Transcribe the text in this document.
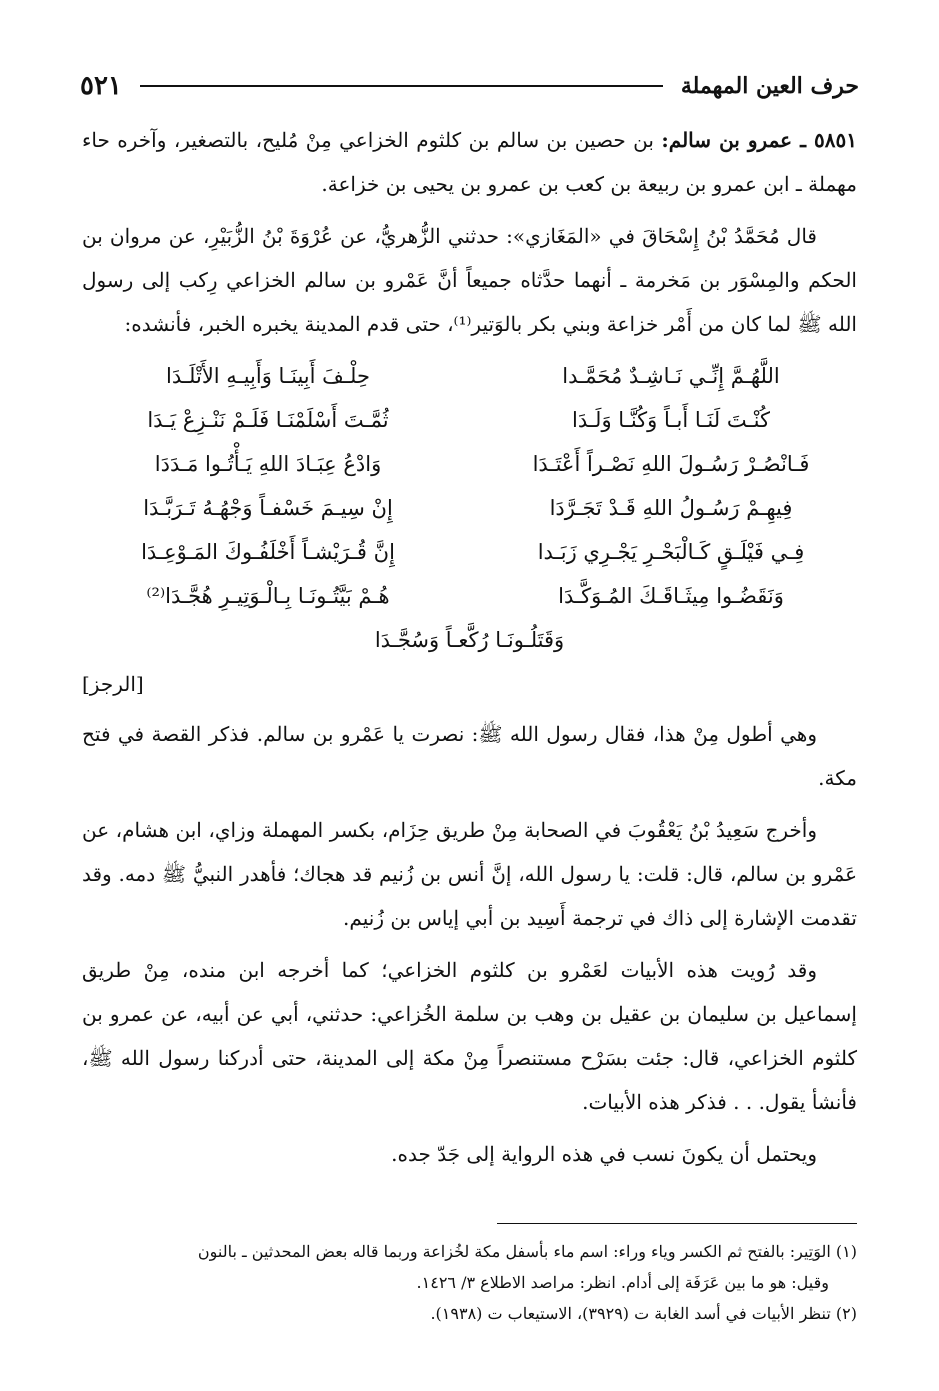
حرف العين المهملة
٥٢١

٥٨٥١ ـ عمرو بن سالم: بن حصين بن سالم بن كلثوم الخزاعي مِنْ مُليح، بالتصغير، وآخره حاء مهملة ـ ابن عمرو بن ربيعة بن كعب بن عمرو بن يحيى بن خزاعة.

قال مُحَمَّدُ بْنُ إِسْحَاقَ في «المَغَازي»: حدثني الزُّهريُّ، عن عُرْوَةَ بْنُ الزُّبَيْرِ، عن مروان بن الحكم والمِسْوَر بن مَخرمة ـ أنهما حدَّثاه جميعاً أنَّ عَمْرو بن سالم الخزاعي رِكب إلى رسول الله ﷺ لما كان من أَمْر خزاعة وبني بكر بالوَتير⁽¹⁾، حتى قدم المدينة يخبره الخبر، فأنشده:

اللَّهُـمَّ إِنِّـي نَـاشِـدٌ مُحَمَّـدا
حِلْـفَ أَبِينَـا وَأَبِيـهِ الأَتْلَـدَا
كُنْـتَ لَنَـا أَبـاً وَكُنَّـا وَلَـدَا
ثُمَّـتَ أَسْلَمْنَـا فَلَـمْ نَنْـزِعْ يَـدَا
فَـانْصُـرْ رَسُـولَ اللهِ نَصْـراً أَعْتَـدَا
وَادْعُ عِبَـادَ اللهِ يَـأْتُـوا مَـدَدَا
فِيهِـمْ رَسُـولُ اللهِ قَـدْ تَجَـرَّدَا
إِنْ سِيـمَ خَسْفـاً وَجْهُـهُ تَـرَبَّـدَا
فِـي فَيْلَـقٍ كَـالْبَحْـرِ يَجْـرِي زَبَـدا
إِنَّ قُـرَيْشـاً أَخْلَفُـوكَ المَـوْعِـدَا
وَنَقَضُـوا مِيثَـاقَـكَ المُـوَكَّـدَا
هُـمْ بَيَّتُـونَـا بِـالْـوَتِيـرِ هُجَّـدَا⁽²⁾
وَقَتَلُـونَـا رُكَّعـاً وَسُجَّـدَا
[الرجز]

وهي أطول مِنْ هذا، فقال رسول الله ﷺ: نصرت يا عَمْرو بن سالم. فذكر القصة في فتح مكة.

وأخرج سَعِيدُ بْنُ يَعْقُوبَ في الصحابة مِنْ طريق حِزَام، بكسر المهملة وزاي، ابن هشام، عن عَمْرو بن سالم، قال: قلت: يا رسول الله، إنَّ أنس بن زُنيم قد هجاك؛ فأهدر النبيُّ ﷺ دمه. وقد تقدمت الإشارة إلى ذاك في ترجمة أَسِيد بن أبي إياس بن زُنيم.

وقد رُويت هذه الأبيات لعَمْرو بن كلثوم الخزاعي؛ كما أخرجه ابن منده، مِنْ طريق إسماعيل بن سليمان بن عقيل بن وهب بن سلمة الخُزاعي: حدثني، أبي عن أبيه، عن عمرو بن كلثوم الخزاعي، قال: جئت بسَرْح مستنصراً مِنْ مكة إلى المدينة، حتى أدركنا رسول الله ﷺ، فأنشأ يقول. . . فذكر هذه الأبيات.

ويحتمل أن يكونَ نسب في هذه الرواية إلى جَدّ جده.

(١) الوَتِير: بالفتح ثم الكسر وياء وراء: اسم ماء بأسفل مكة لخُزاعة وربما قاله بعض المحدثين ـ بالنون

وقيل: هو ما بين عَرَفَة إلى أدام. انظر: مراصد الاطلاع ٣/ ١٤٢٦.

(٢) تنظر الأبيات في أسد الغابة ت (٣٩٢٩)، الاستيعاب ت (١٩٣٨).
